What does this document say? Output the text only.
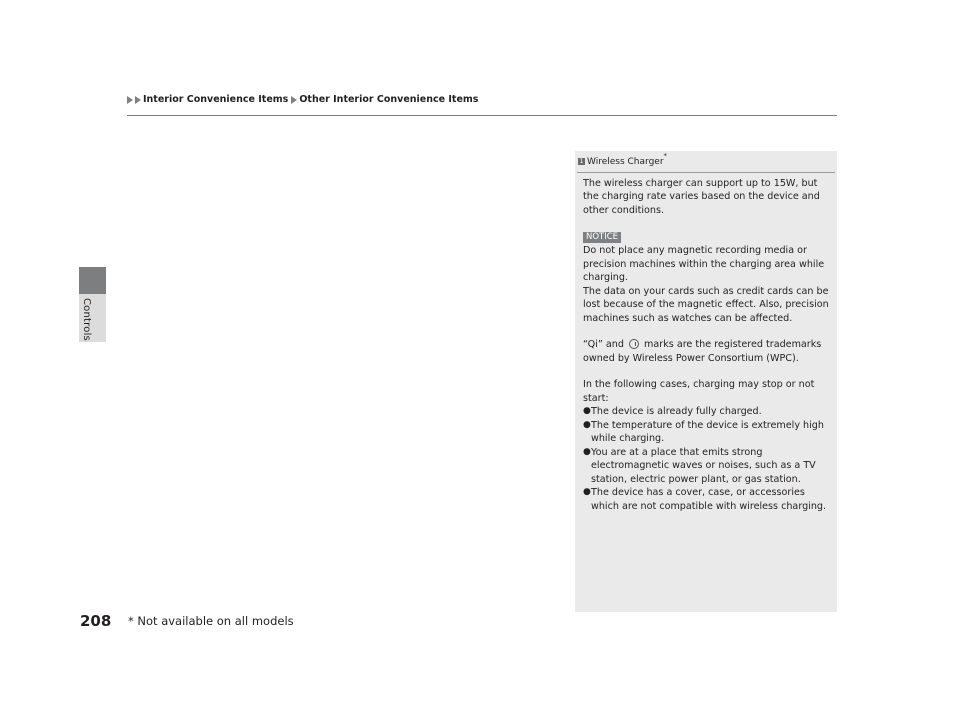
Interior Convenience Items Other Interior Convenience Items
Controls
1 Wireless Charger
*
The wireless charger can support up to 15W, but the charging rate varies based on the device and other conditions.
NOTICE
Do not place any magnetic recording media or precision machines within the charging area while charging.
The data on your cards such as credit cards can be lost because of the magnetic effect. Also, precision machines such as watches can be affected.
“Qi” and marks are the registered trademarks owned by Wireless Power Consortium (WPC).
In the following cases, charging may stop or not start:
● The device is already fully charged.
● The temperature of the device is extremely high while charging.
● You are at a place that emits strong electromagnetic waves or noises, such as a TV station, electric power plant, or gas station.
● The device has a cover, case, or accessories which are not compatible with wireless charging.
208 * Not available on all models
